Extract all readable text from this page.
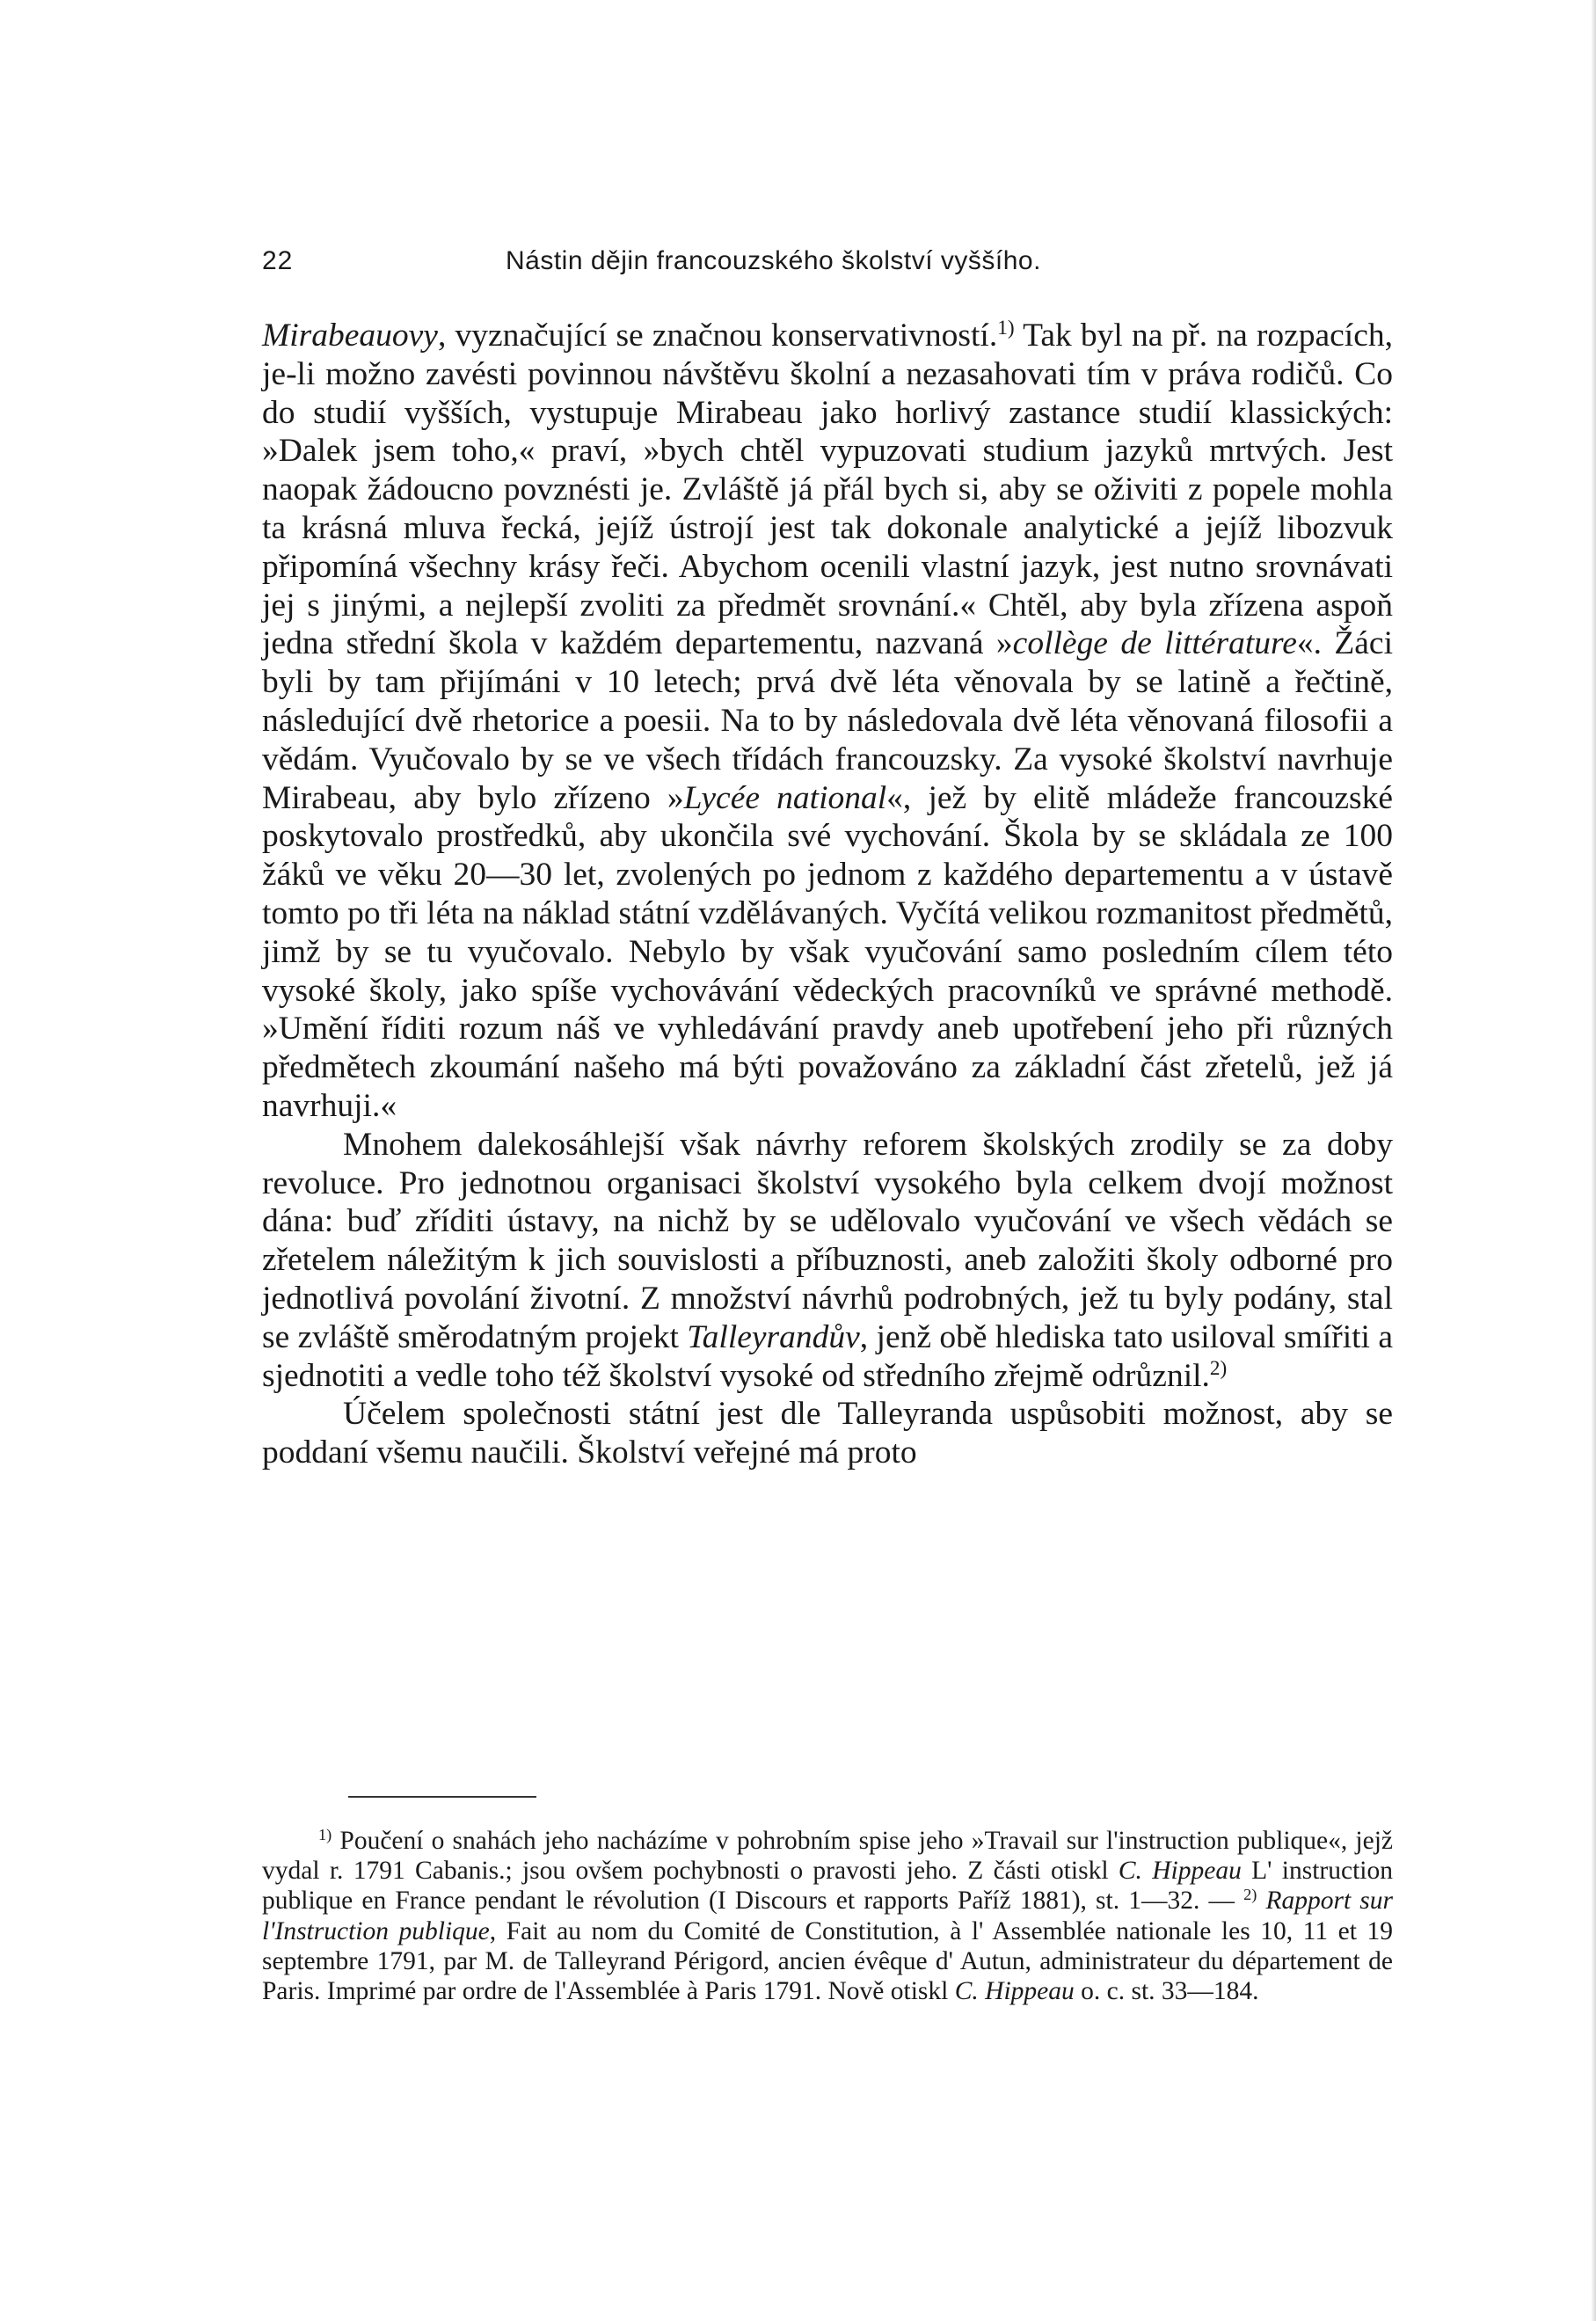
22	Nástin dějin francouzského školství vyššího.

Mirabeauovy, vyznačující se značnou konservativností.$^{1)}$ Tak byl na př. na rozpacích, je-li možno zavésti povinnou návštěvu školní a nezasahovati tím v práva rodičů. Co do studií vyšších, vystupuje Mirabeau jako horlivý zastance studií klassických: »Dalek jsem toho,« praví, »bych chtěl vypuzovati studium jazyků mrtvých. Jest naopak žádoucno povznésti je. Zvláště já přál bych si, aby se oživiti z popele mohla ta krásná mluva řecká, jejíž ústrojí jest tak dokonale analytické a jejíž libozvuk připomíná všechny krásy řeči. Abychom ocenili vlastní jazyk, jest nutno srovnávati jej s jinými, a nejlepší zvoliti za předmět srovnání.« Chtěl, aby byla zřízena aspoň jedna střední škola v každém departementu, nazvaná »collège de littérature«. Žáci byli by tam přijímáni v 10 letech; prvá dvě léta věnovala by se latině a řečtině, následující dvě rhetorice a poesii. Na to by následovala dvě léta věnovaná filosofii a vědám. Vyučovalo by se ve všech třídách francouzsky. Za vysoké školství navrhuje Mirabeau, aby bylo zřízeno »Lycée national«, jež by elitě mládeže francouzské poskytovalo prostředků, aby ukončila své vychování. Škola by se skládala ze 100 žáků ve věku 20—30 let, zvolených po jednom z každého departementu a v ústavě tomto po tři léta na náklad státní vzdělávaných. Vyčítá velikou rozmanitost předmětů, jimž by se tu vyučovalo. Nebylo by však vyučování samo posledním cílem této vysoké školy, jako spíše vychovávání vědeckých pracovníků ve správné methodě. »Umění říditi rozum náš ve vyhledávání pravdy aneb upotřebení jeho při různých předmětech zkoumání našeho má býti považováno za základní část zřetelů, jež já navrhuji.«

Mnohem dalekosáhlejší však návrhy reforem školských zrodily se za doby revoluce. Pro jednotnou organisaci školství vysokého byla celkem dvojí možnost dána: buď zříditi ústavy, na nichž by se udělovalo vyučování ve všech vědách se zřetelem náležitým k jich souvislosti a příbuznosti, aneb založiti školy odborné pro jednotlivá povolání životní. Z množství návrhů podrobných, jež tu byly podány, stal se zvláště směrodatným projekt Talleyrandův, jenž obě hlediska tato usiloval smířiti a sjednotiti a vedle toho též školství vysoké od středního zřejmě odrůznil.$^{2)}$

Účelem společnosti státní jest dle Talleyranda uspůsobiti možnost, aby se poddaní všemu naučili. Školství veřejné má proto

$^{1)}$ Poučení o snahách jeho nacházíme v pohrobním spise jeho »Travail sur l'instruction publique«, jejž vydal r. 1791 Cabanis.; jsou ovšem pochybnosti o pravosti jeho. Z části otiskl C. Hippeau L' instruction publique en France pendant le révolution (I Discours et rapports Paříž 1881), st. 1—32. — $^{2)}$ Rapport sur l'Instruction publique, Fait au nom du Comité de Constitution, à l' Assemblée nationale les 10, 11 et 19 septembre 1791, par M. de Talleyrand Périgord, ancien évêque d' Autun, administrateur du département de Paris. Imprimé par ordre de l'Assemblée à Paris 1791. Nově otiskl C. Hippeau o. c. st. 33—184.
